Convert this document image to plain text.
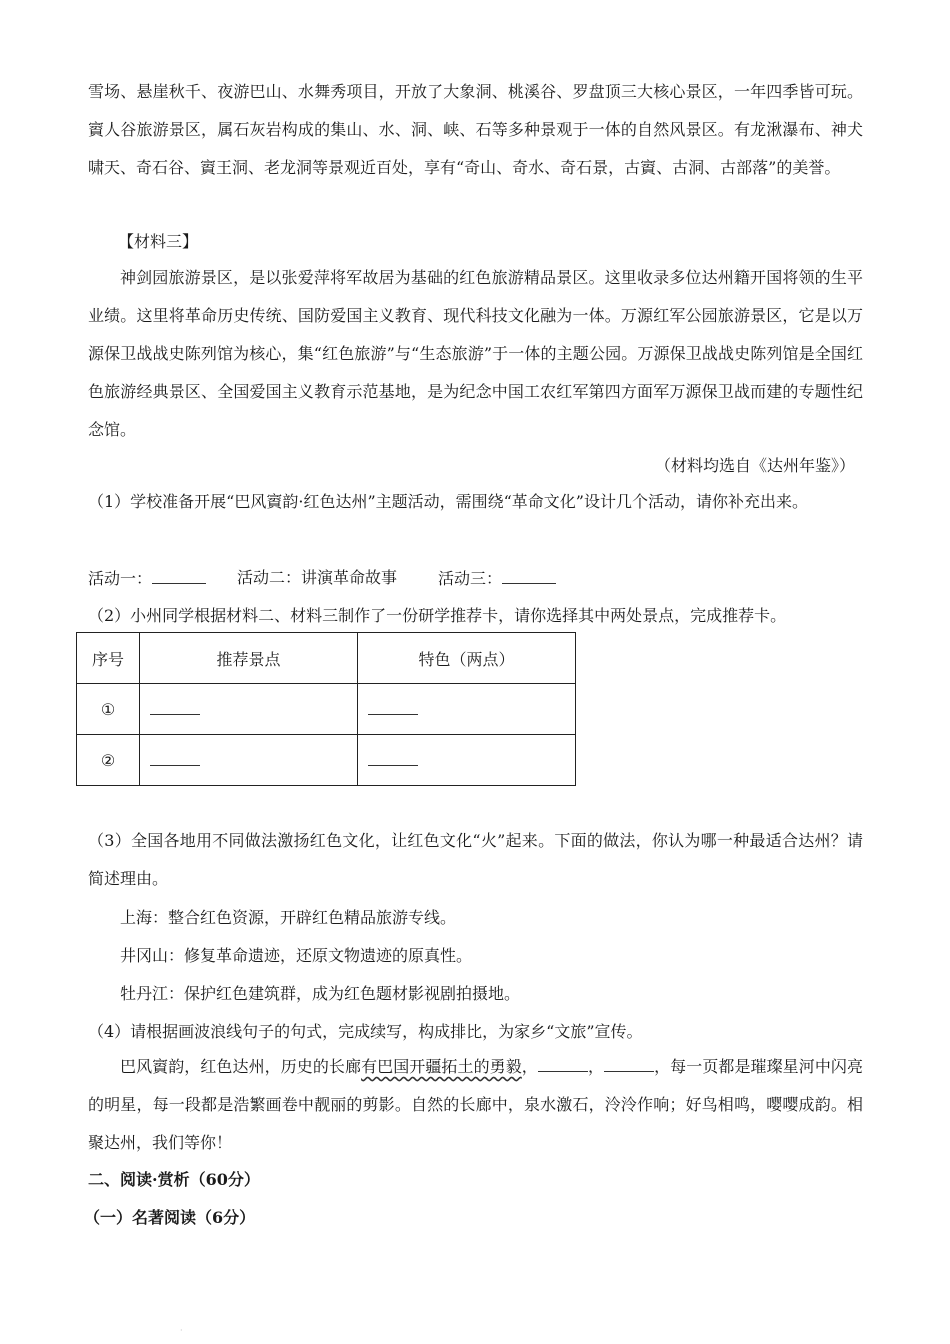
雪场、悬崖秋千、夜游巴山、水舞秀项目，开放了大象洞、桃溪谷、罗盘顶三大核心景区，一年四季皆可玩。賨人谷旅游景区，属石灰岩构成的集山、水、洞、峡、石等多种景观于一体的自然风景区。有龙湫瀑布、神犬啸天、奇石谷、賨王洞、老龙洞等景观近百处，享有“奇山、奇水、奇石景，古賨、古洞、古部落”的美誉。
【材料三】
神剑园旅游景区，是以张爱萍将军故居为基础的红色旅游精品景区。这里收录多位达州籍开国将领的生平业绩。这里将革命历史传统、国防爱国主义教育、现代科技文化融为一体。万源红军公园旅游景区，它是以万源保卫战战史陈列馆为核心，集“红色旅游”与“生态旅游”于一体的主题公园。万源保卫战战史陈列馆是全国红色旅游经典景区、全国爱国主义教育示范基地，是为纪念中国工农红军第四方面军万源保卫战而建的专题性纪念馆。
（材料均选自《达州年鉴》）
（1）学校准备开展“巴风賨韵·红色达州”主题活动，需围绕“革命文化”设计几个活动，请你补充出来。
活动一：	活动二：讲演革命故事	活动三：
（2）小州同学根据材料二、材料三制作了一份研学推荐卡，请你选择其中两处景点，完成推荐卡。
序号	推荐景点	特色（两点）
①		
②		
（3）全国各地用不同做法激扬红色文化，让红色文化“火”起来。下面的做法，你认为哪一种最适合达州？请简述理由。
上海：整合红色资源，开辟红色精品旅游专线。
井冈山：修复革命遗迹，还原文物遗迹的原真性。
牡丹江：保护红色建筑群，成为红色题材影视剧拍摄地。
（4）请根据画波浪线句子的句式，完成续写，构成排比，为家乡“文旅”宣传。
巴风賨韵，红色达州，历史的长廊有巴国开疆拓土的勇毅，	，	，每一页都是璀璨星河中闪亮的明星，每一段都是浩繁画卷中靓丽的剪影。自然的长廊中，泉水激石，泠泠作响；好鸟相鸣，嘤嘤成韵。相聚达州，我们等你！
二、阅读·赏析（60分）
（一）名著阅读（6分）
·
